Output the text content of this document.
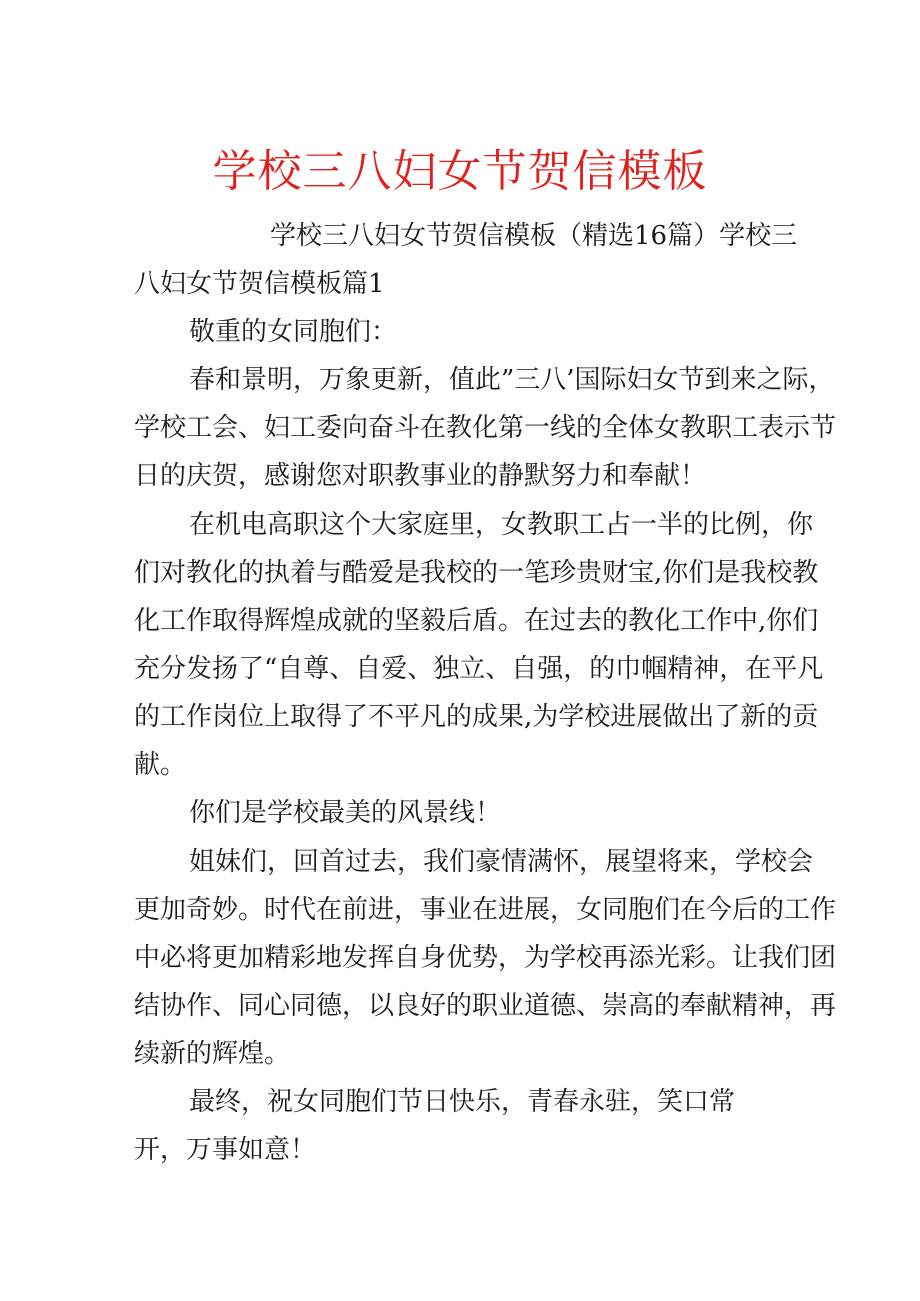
学校三八妇女节贺信模板

学校三八妇女节贺信模板（精选16篇）学校三

八妇女节贺信模板篇1

敬重的女同胞们：

春和景明，万象更新，值此”三八’国际妇女节到来之际，

学校工会、妇工委向奋斗在教化第一线的全体女教职工表示节

日的庆贺，感谢您对职教事业的静默努力和奉献！

在机电高职这个大家庭里，女教职工占一半的比例，你

们对教化的执着与酷爱是我校的一笔珍贵财宝,你们是我校教

化工作取得辉煌成就的坚毅后盾。在过去的教化工作中,你们

充分发扬了“自尊、自爱、独立、自强，的巾帼精神，在平凡

的工作岗位上取得了不平凡的成果,为学校进展做出了新的贡

献。

你们是学校最美的风景线！

姐妹们，回首过去，我们豪情满怀，展望将来，学校会

更加奇妙。时代在前进，事业在进展，女同胞们在今后的工作

中必将更加精彩地发挥自身优势，为学校再添光彩。让我们团

结协作、同心同德，以良好的职业道德、崇高的奉献精神，再

续新的辉煌。

最终，祝女同胞们节日快乐，青春永驻，笑口常

开，万事如意！
